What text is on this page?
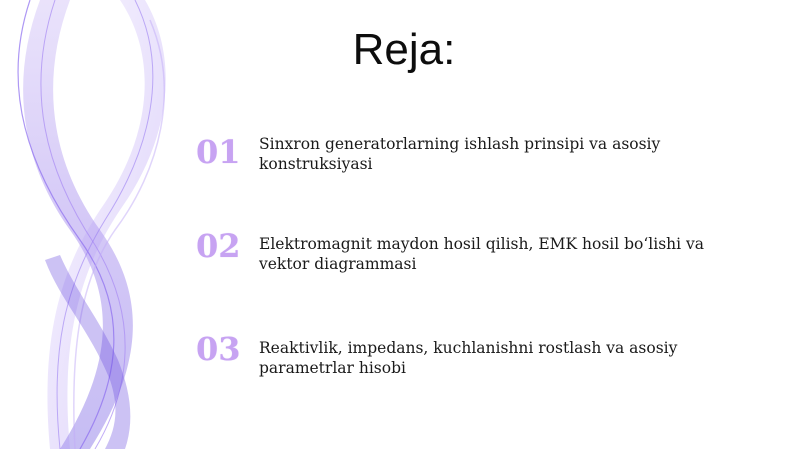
Reja:
01	Sinxron generatorlarning ishlash prinsipi va asosiy konstruksiyasi
02	Elektromagnit maydon hosil qilish, EMK hosil bo‘lishi va vektor diagrammasi
03	Reaktivlik, impedans, kuchlanishni rostlash va asosiy parametrlar hisobi
